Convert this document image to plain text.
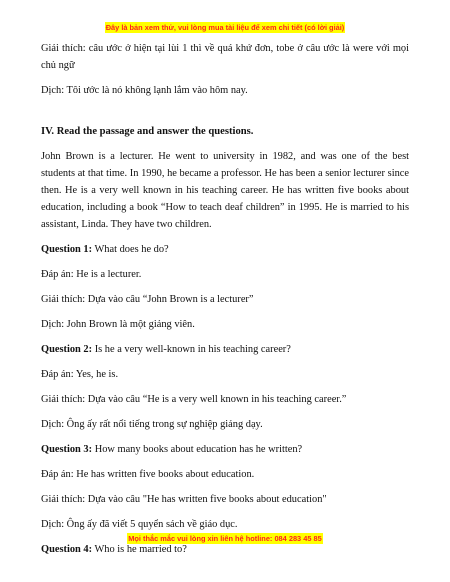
Đây là bản xem thử, vui lòng mua tài liệu để xem chi tiết (có lời giải)

Giải thích: câu ước ở hiện tại lùi 1 thì về quá khứ đơn, tobe ở câu ước là were với mọi chủ ngữ

Dịch: Tôi ước là nó không lạnh lắm vào hôm nay.

IV. Read the passage and answer the questions.

John Brown is a lecturer. He went to university in 1982, and was one of the best students at that time. In 1990, he became a professor. He has been a senior lecturer since then. He is a very well known in his teaching career. He has written five books about education, including a book “How to teach deaf children” in 1995. He is married to his assistant, Linda. They have two children.

Question 1: What does he do?

Đáp án: He is a lecturer.

Giải thích: Dựa vào câu “John Brown is a lecturer”

Dịch: John Brown là một giảng viên.

Question 2: Is he a very well-known in his teaching career?

Đáp án: Yes, he is.

Giải thích: Dựa vào câu “He is a very well known in his teaching career.”

Dịch: Ông ấy rất nổi tiếng trong sự nghiệp giảng dạy.

Question 3: How many books about education has he written?

Đáp án: He has written five books about education.

Giải thích: Dựa vào câu "He has written five books about education"

Dịch: Ông ấy đã viết 5 quyển sách về giáo dục.

Question 4: Who is he married to?

Mọi thắc mắc vui lòng xin liên hệ hotline: 084 283 45 85
